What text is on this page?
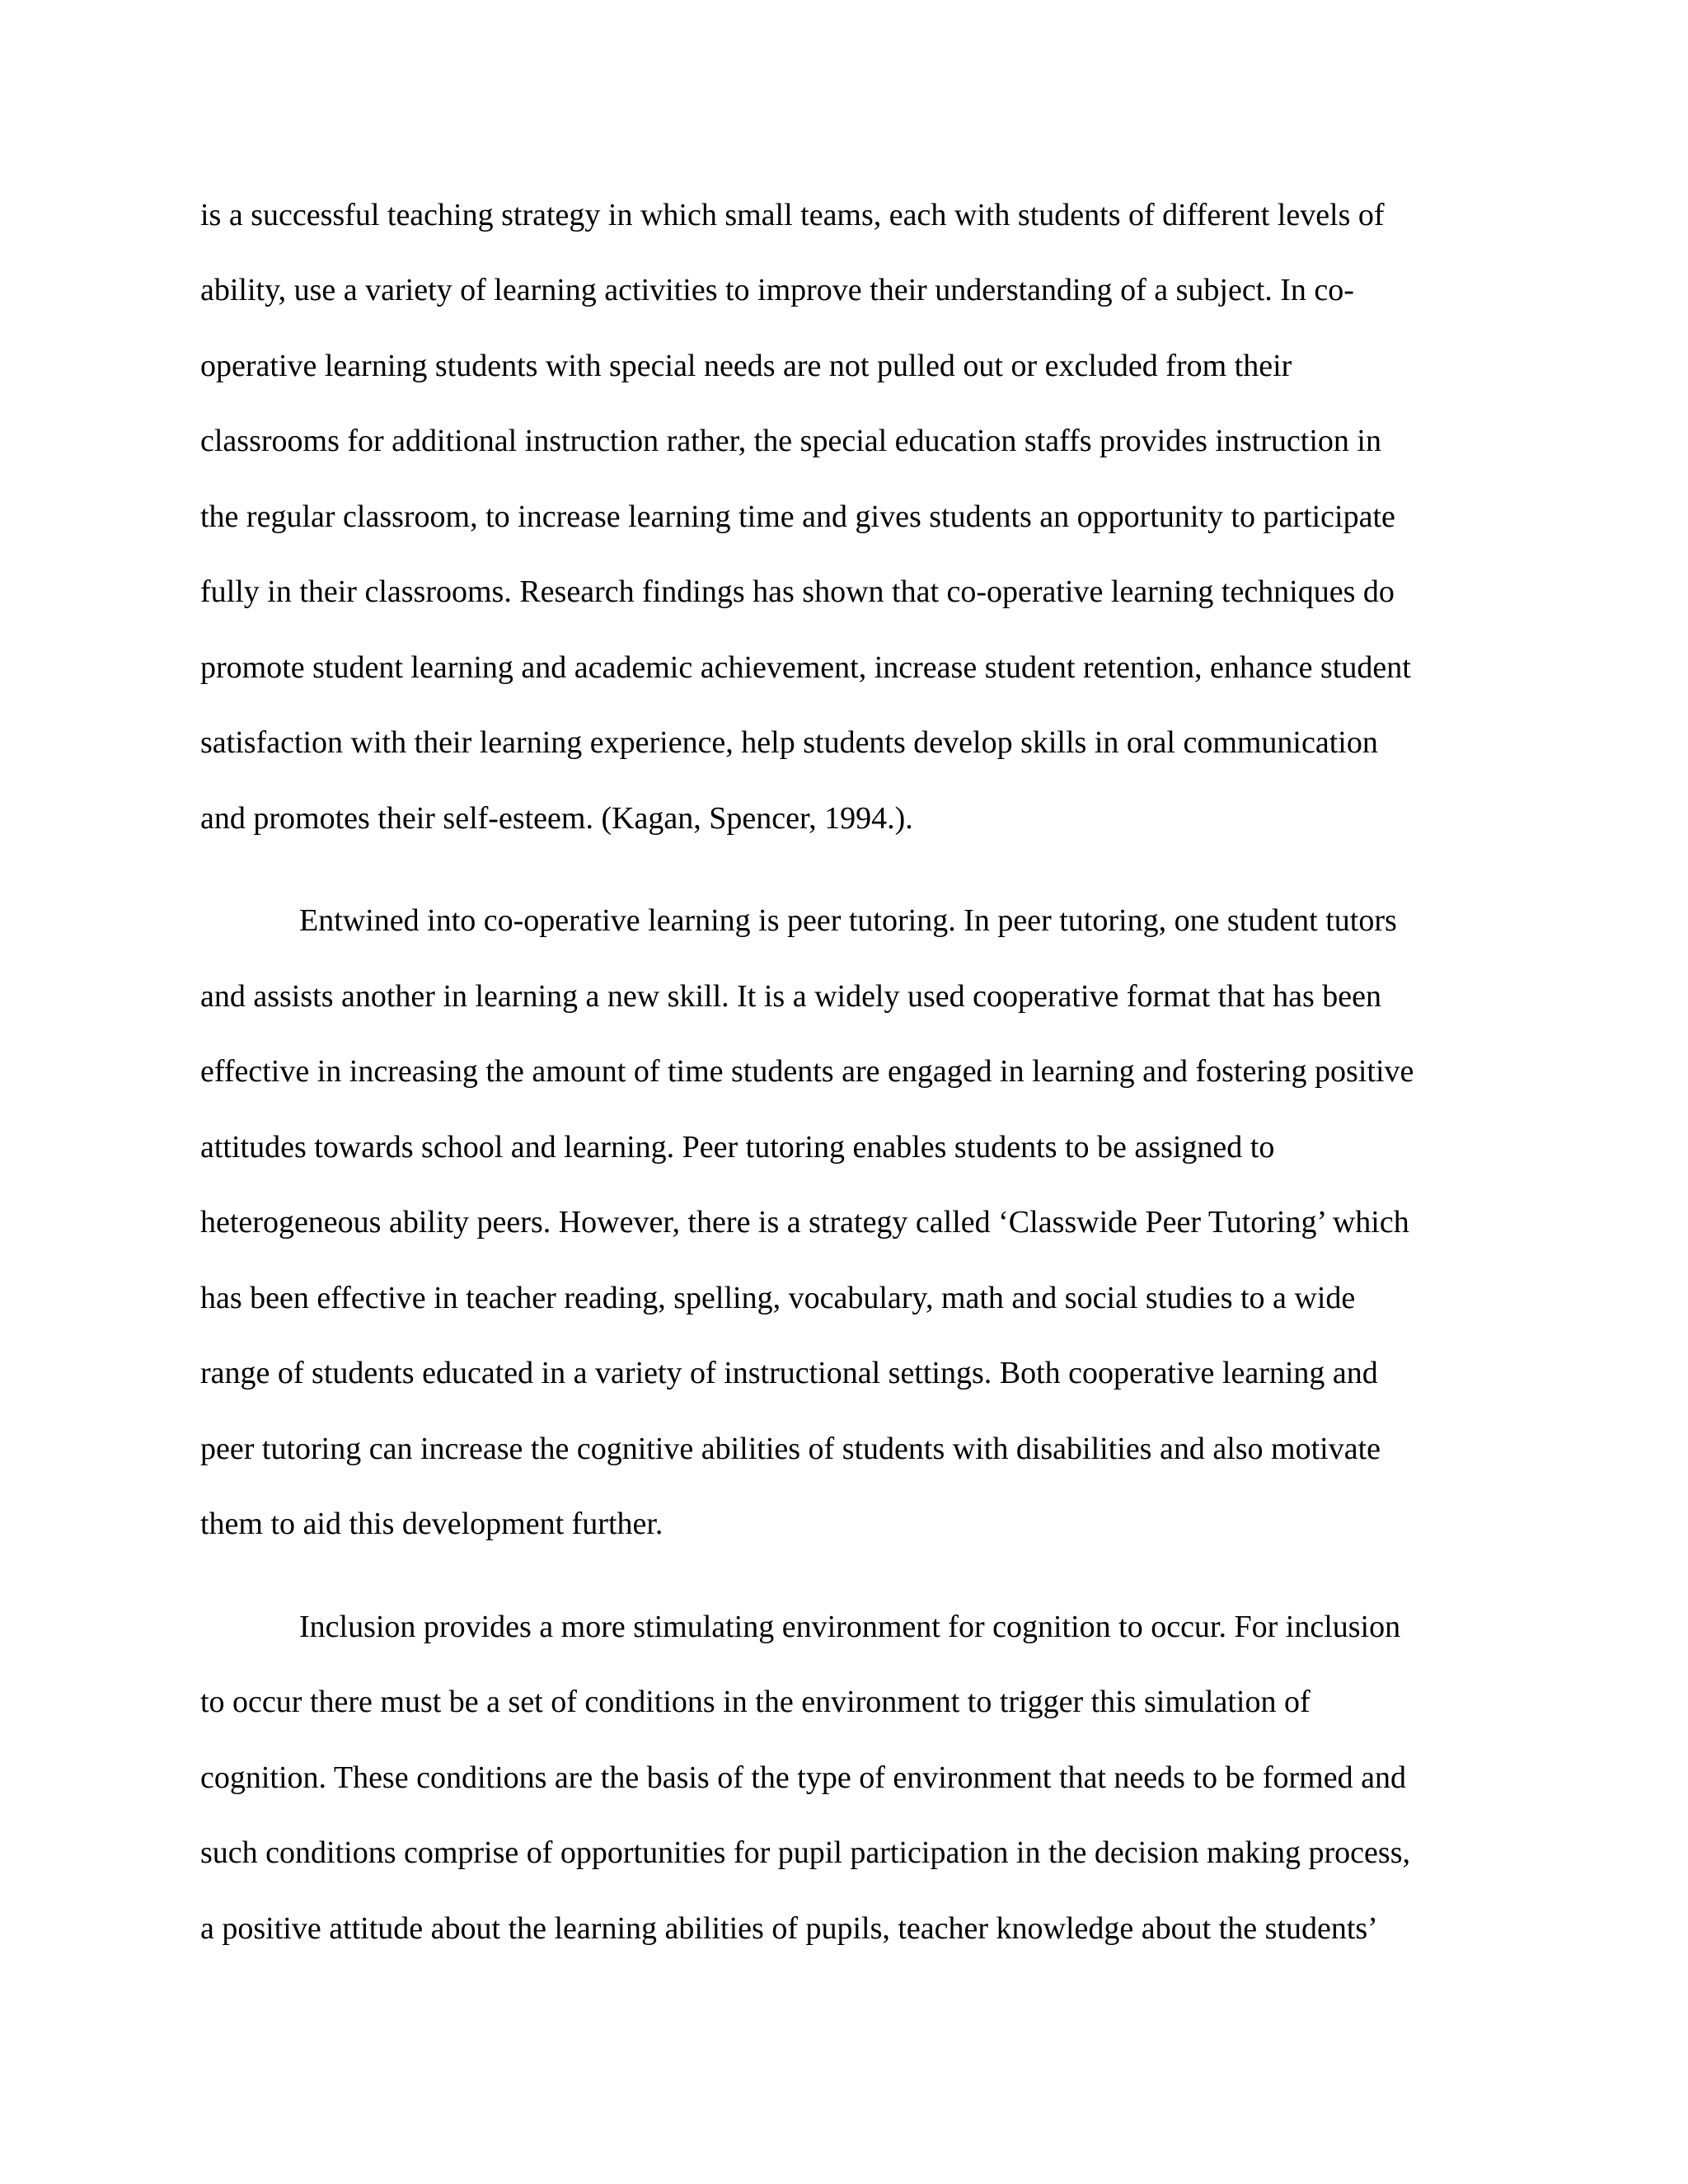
is a successful teaching strategy in which small teams, each with students of different levels of

ability, use a variety of learning activities to improve their understanding of a subject. In co-

operative learning students with special needs are not pulled out or excluded from their

classrooms for additional instruction rather, the special education staffs provides instruction in

the regular classroom, to increase learning time and gives students an opportunity to participate

fully in their classrooms. Research findings has shown that co-operative learning techniques do

promote student learning and academic achievement, increase student retention, enhance student

satisfaction with their learning experience, help students develop skills in oral communication

and promotes their self-esteem. (Kagan, Spencer, 1994.).

Entwined into co-operative learning is peer tutoring. In peer tutoring, one student tutors

and assists another in learning a new skill. It is a widely used cooperative format that has been

effective in increasing the amount of time students are engaged in learning and fostering positive

attitudes towards school and learning. Peer tutoring enables students to be assigned to

heterogeneous ability peers. However, there is a strategy called ‘Classwide Peer Tutoring’ which

has been effective in teacher reading, spelling, vocabulary, math and social studies to a wide

range of students educated in a variety of instructional settings. Both cooperative learning and

peer tutoring can increase the cognitive abilities of students with disabilities and also motivate

them to aid this development further.

Inclusion provides a more stimulating environment for cognition to occur. For inclusion

to occur there must be a set of conditions in the environment to trigger this simulation of

cognition. These conditions are the basis of the type of environment that needs to be formed and

such conditions comprise of opportunities for pupil participation in the decision making process,

a positive attitude about the learning abilities of pupils, teacher knowledge about the students’
